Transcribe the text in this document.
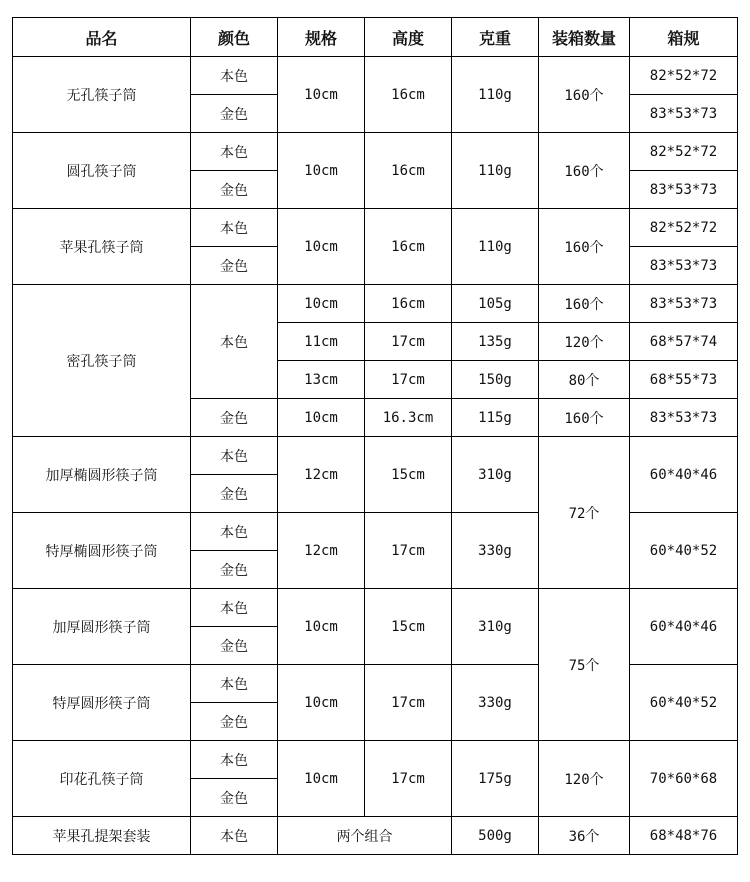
品名	颜色	规格	高度	克重	装箱数量	箱规
无孔筷子筒	本色	10cm	16cm	110g	160个	82*52*72
	金色					83*53*73
圆孔筷子筒	本色	10cm	16cm	110g	160个	82*52*72
	金色					83*53*73
苹果孔筷子筒	本色	10cm	16cm	110g	160个	82*52*72
	金色					83*53*73
密孔筷子筒	本色	10cm	16cm	105g	160个	83*53*73
		11cm	17cm	135g	120个	68*57*74
		13cm	17cm	150g	80个	68*55*73
	金色	10cm	16.3cm	115g	160个	83*53*73
加厚椭圆形筷子筒	本色	12cm	15cm	310g	72个	60*40*46
	金色					
特厚椭圆形筷子筒	本色	12cm	17cm	330g		60*40*52
	金色					
加厚圆形筷子筒	本色	10cm	15cm	310g	75个	60*40*46
	金色					
特厚圆形筷子筒	本色	10cm	17cm	330g		60*40*52
	金色					
印花孔筷子筒	本色	10cm	17cm	175g	120个	70*60*68
	金色					
苹果孔提架套装	本色	两个组合		500g	36个	68*48*76
